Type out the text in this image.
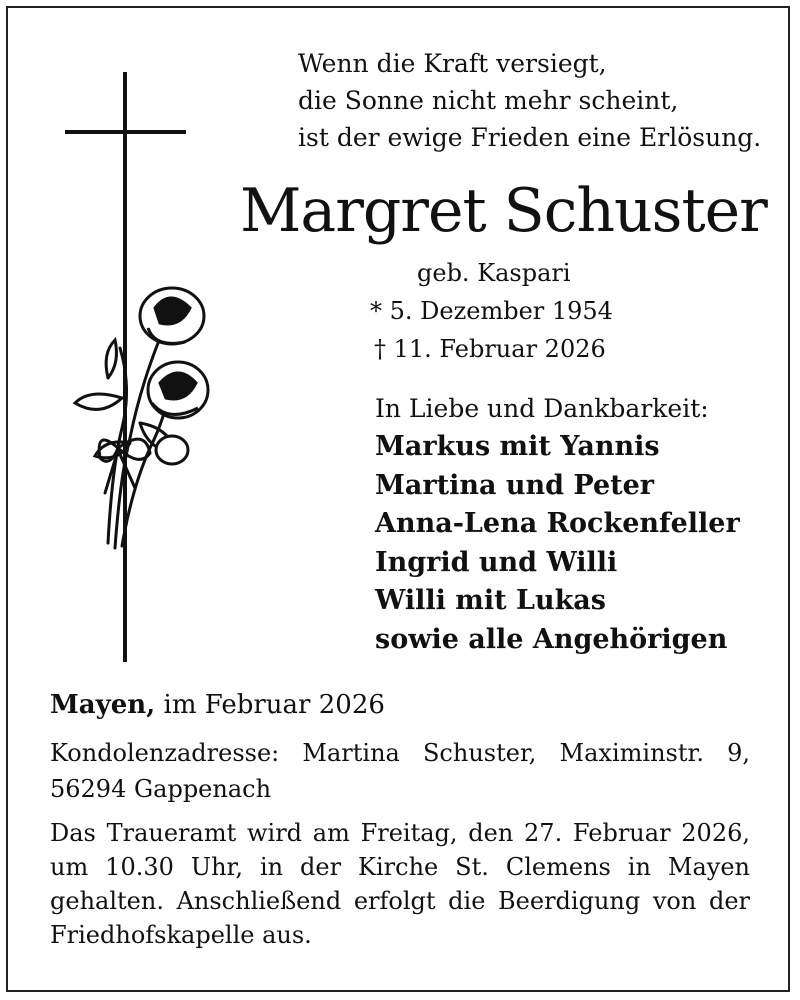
Wenn die Kraft versiegt,
die Sonne nicht mehr scheint,
ist der ewige Frieden eine Erlösung.
Margret Schuster
geb. Kaspari
* 5. Dezember 1954
† 11. Februar 2026
In Liebe und Dankbarkeit:
Markus mit Yannis
Martina und Peter
Anna-Lena Rockenfeller
Ingrid und Willi
Willi mit Lukas
sowie alle Angehörigen
Mayen, im Februar 2026
Kondolenzadresse: Martina Schuster, Maximinstr. 9,
56294 Gappenach
Das Traueramt wird am Freitag, den 27. Februar 2026, um 10.30 Uhr, in der Kirche St. Clemens in Mayen gehalten. Anschließend erfolgt die Beerdigung von der Friedhofskapelle aus.
